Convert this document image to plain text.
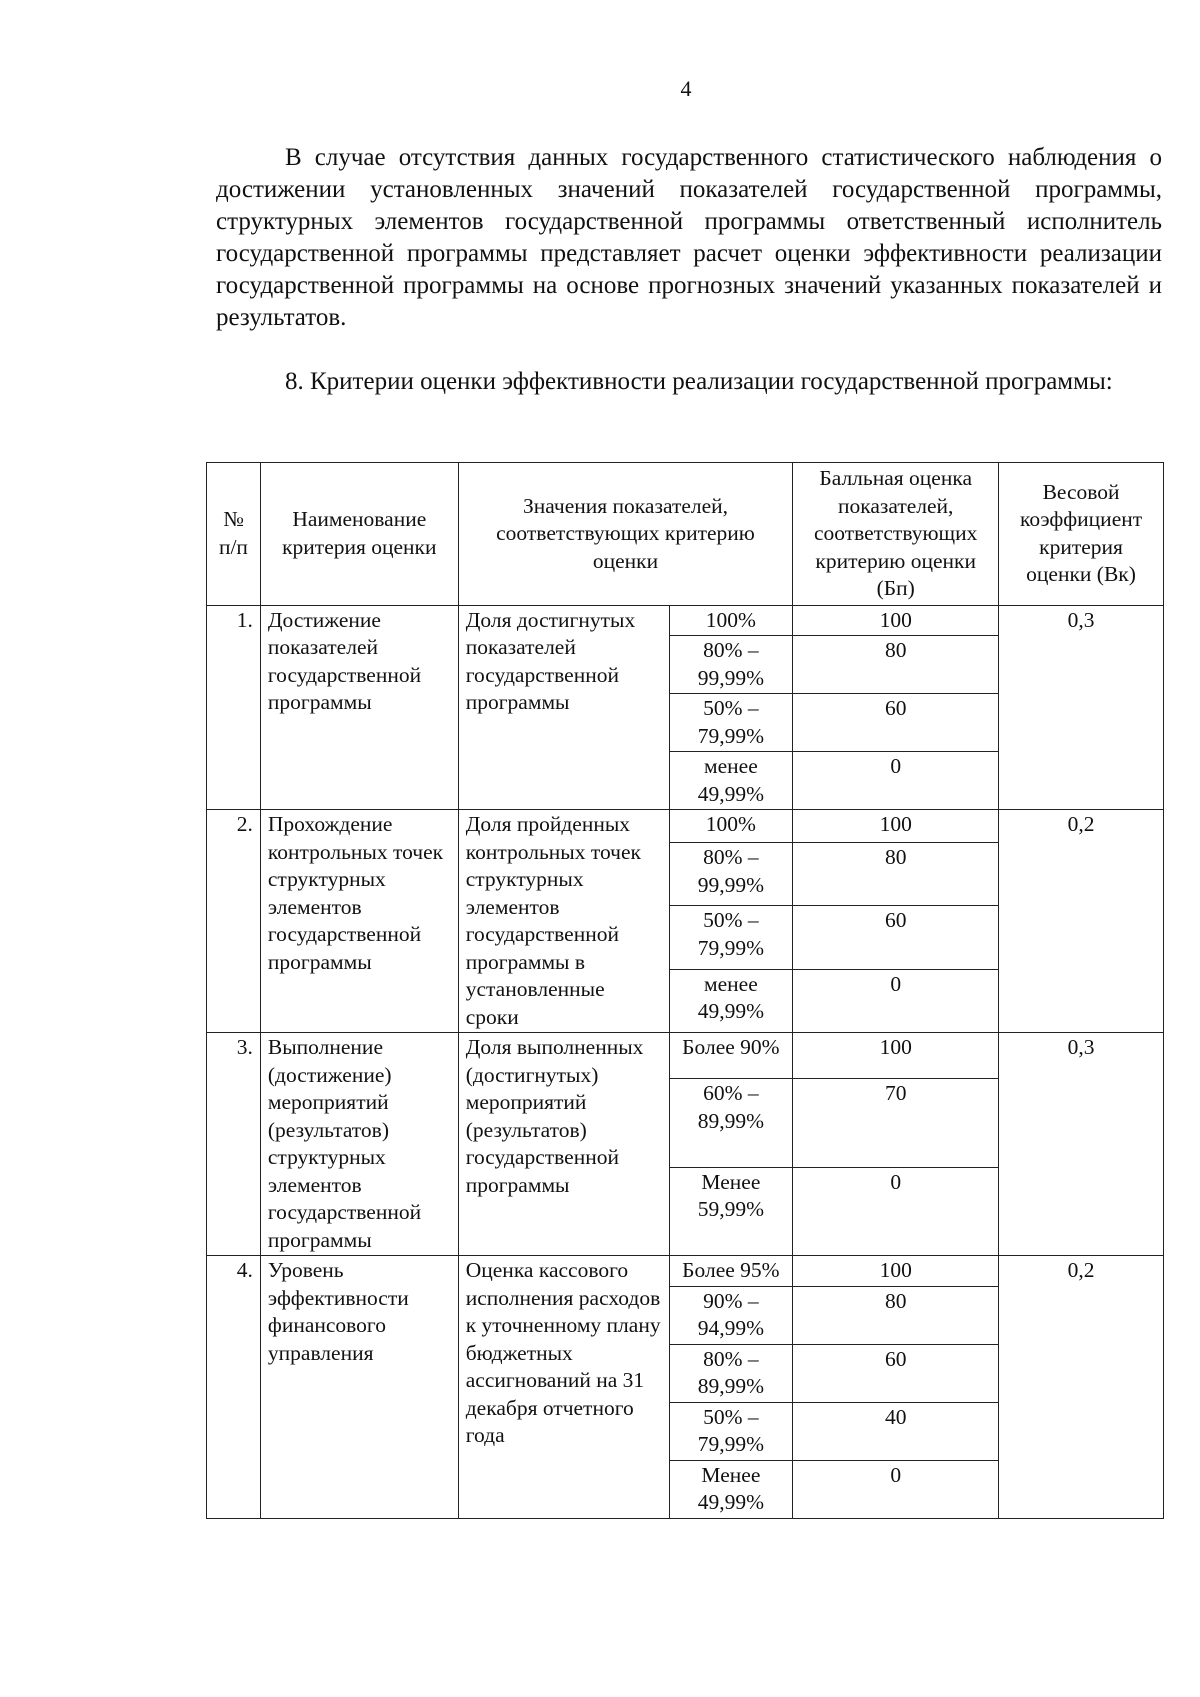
4

В случае отсутствия данных государственного статистического наблюдения о достижении установленных значений показателей государственной программы, структурных элементов государственной программы ответственный исполнитель государственной программы представляет расчет оценки эффективности реализации государственной программы на основе прогнозных значений указанных показателей и результатов.

8. Критерии оценки эффективности реализации государственной программы:

№ п/п	Наименование критерия оценки	Значения показателей, соответствующих критерию оценки		Балльная оценка показателей, соответствующих критерию оценки (Бп)	Весовой коэффициент критерия оценки (Вк)
1.	Достижение показателей государственной программы	Доля достигнутых показателей государственной программы	100%	100	0,3
			80% – 99,99%	80	
			50% – 79,99%	60	
			менее 49,99%	0	
2.	Прохождение контрольных точек структурных элементов государственной программы	Доля пройденных контрольных точек структурных элементов государственной программы в установленные сроки	100%	100	0,2
			80% – 99,99%	80	
			50% – 79,99%	60	
			менее 49,99%	0	
3.	Выполнение (достижение) мероприятий (результатов) структурных элементов государственной программы	Доля выполненных (достигнутых) мероприятий (результатов) государственной программы	Более 90%	100	0,3
			60% – 89,99%	70	
			Менее 59,99%	0	
4.	Уровень эффективности финансового управления	Оценка кассового исполнения расходов к уточненному плану бюджетных ассигнований на 31 декабря отчетного года	Более 95%	100	0,2
			90% – 94,99%	80	
			80% – 89,99%	60	
			50% – 79,99%	40	
			Менее 49,99%	0	
